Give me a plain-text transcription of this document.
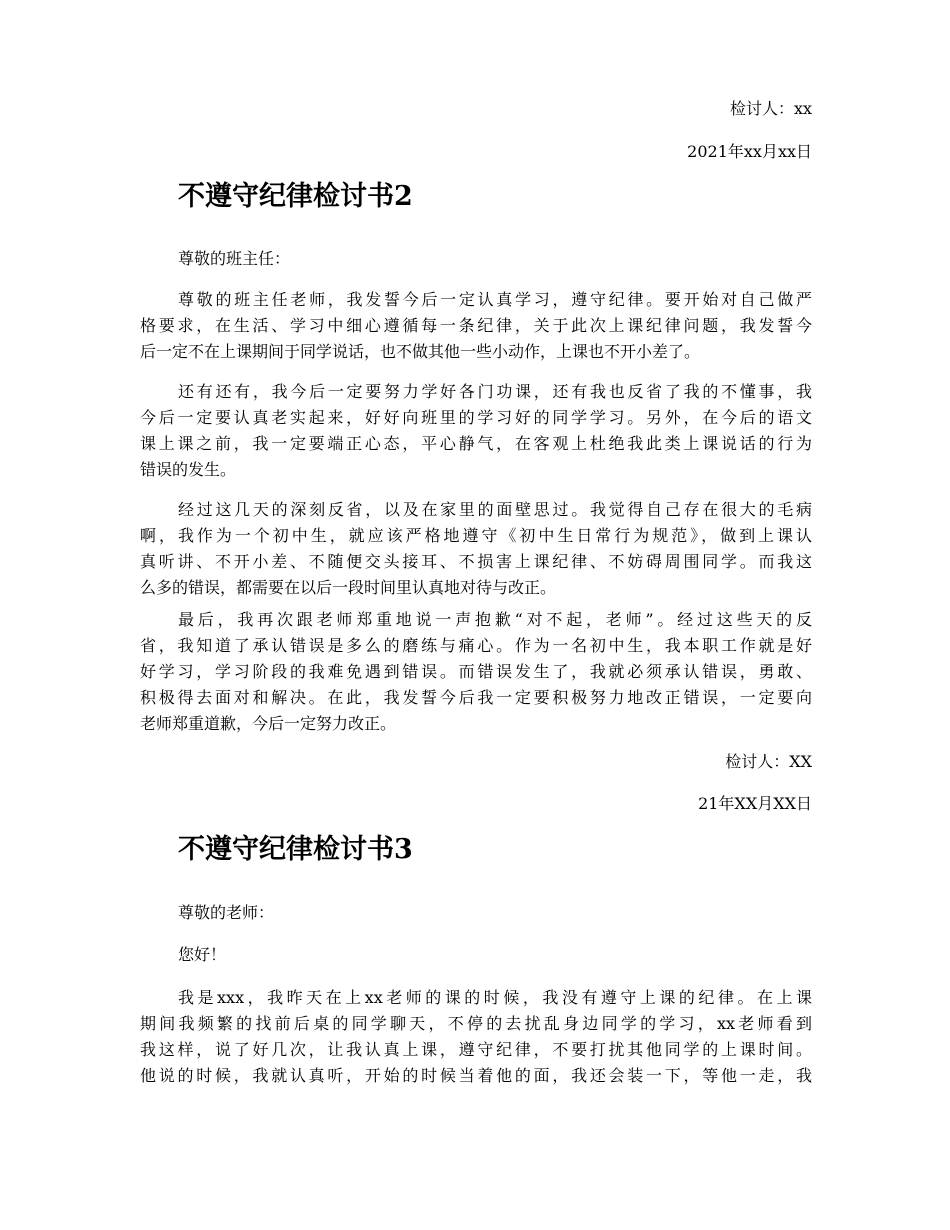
检讨人：xx
2021年xx月xx日
不遵守纪律检讨书2
尊敬的班主任：
尊敬的班主任老师，我发誓今后一定认真学习，遵守纪律。要开始对自己做严
格要求，在生活、学习中细心遵循每一条纪律，关于此次上课纪律问题，我发誓今
后一定不在上课期间于同学说话，也不做其他一些小动作，上课也不开小差了。
还有还有，我今后一定要努力学好各门功课，还有我也反省了我的不懂事，我
今后一定要认真老实起来，好好向班里的学习好的同学学习。另外，在今后的语文
课上课之前，我一定要端正心态，平心静气，在客观上杜绝我此类上课说话的行为
错误的发生。
经过这几天的深刻反省，以及在家里的面壁思过。我觉得自己存在很大的毛病
啊，我作为一个初中生，就应该严格地遵守《初中生日常行为规范》，做到上课认
真听讲、不开小差、不随便交头接耳、不损害上课纪律、不妨碍周围同学。而我这
么多的错误，都需要在以后一段时间里认真地对待与改正。
最后，我再次跟老师郑重地说一声抱歉“对不起，老师”。经过这些天的反
省，我知道了承认错误是多么的磨练与痛心。作为一名初中生，我本职工作就是好
好学习，学习阶段的我难免遇到错误。而错误发生了，我就必须承认错误，勇敢、
积极得去面对和解决。在此，我发誓今后我一定要积极努力地改正错误，一定要向
老师郑重道歉，今后一定努力改正。
检讨人：XX
21年XX月XX日
不遵守纪律检讨书3
尊敬的老师：
您好！
我是xxx，我昨天在上xx老师的课的时候，我没有遵守上课的纪律。在上课
期间我频繁的找前后桌的同学聊天，不停的去扰乱身边同学的学习，xx老师看到
我这样，说了好几次，让我认真上课，遵守纪律，不要打扰其他同学的上课时间。
他说的时候，我就认真听，开始的时候当着他的面，我还会装一下，等他一走，我
